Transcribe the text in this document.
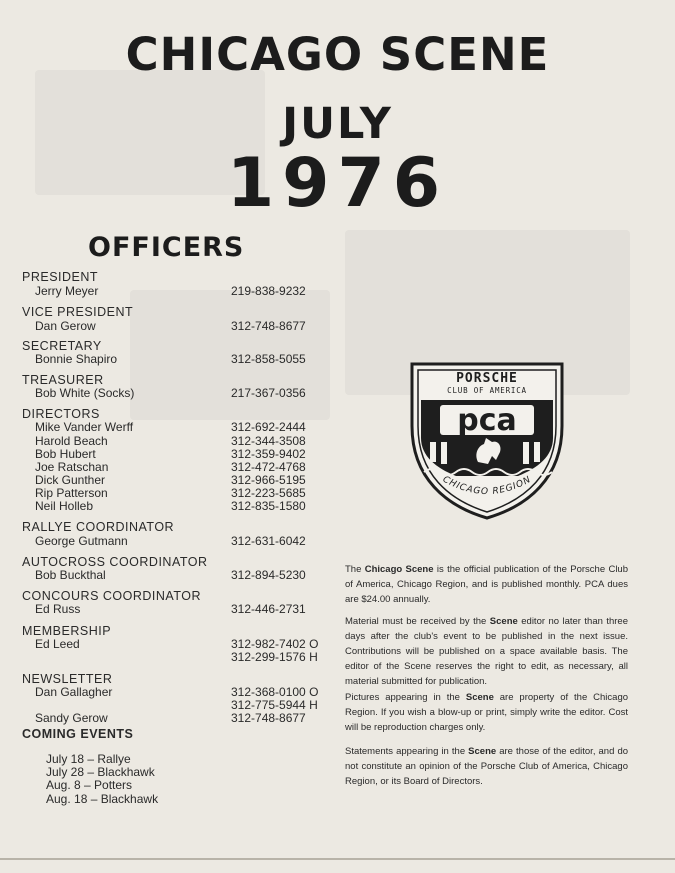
CHICAGO SCENE
JULY
1976
OFFICERS
PRESIDENT
Jerry Meyer	219-838-9232
VICE PRESIDENT
Dan Gerow	312-748-8677
SECRETARY
Bonnie Shapiro	312-858-5055
TREASURER
Bob White (Socks)	217-367-0356
DIRECTORS
Mike Vander Werff	312-692-2444
Harold Beach	312-344-3508
Bob Hubert	312-359-9402
Joe Ratschan	312-472-4768
Dick Gunther	312-966-5195
Rip Patterson	312-223-5685
Neil Holleb	312-835-1580
RALLYE COORDINATOR
George Gutmann	312-631-6042
AUTOCROSS COORDINATOR
Bob Buckthal	312-894-5230
CONCOURS COORDINATOR
Ed Russ	312-446-2731
MEMBERSHIP
Ed Leed	312-982-7402 O
312-299-1576 H
NEWSLETTER
Dan Gallagher	312-368-0100 O
312-775-5944 H
Sandy Gerow	312-748-8677
COMING EVENTS
July 18 – Rallye
July 28 – Blackhawk
Aug. 8 – Potters
Aug. 18 – Blackhawk
PORSCHE
CLUB OF AMERICA
pca
CHICAGO REGION
The Chicago Scene is the official publication of the Porsche Club of America, Chicago Region, and is published monthly. PCA dues are $24.00 annually.
Material must be received by the Scene editor no later than three days after the club's event to be published in the next issue. Contributions will be published on a space available basis. The editor of the Scene reserves the right to edit, as necessary, all material submitted for publication.
Pictures appearing in the Scene are property of the Chicago Region. If you wish a blow-up or print, simply write the editor. Cost will be reproduction charges only.
Statements appearing in the Scene are those of the editor, and do not constitute an opinion of the Porsche Club of America, Chicago Region, or its Board of Directors.
